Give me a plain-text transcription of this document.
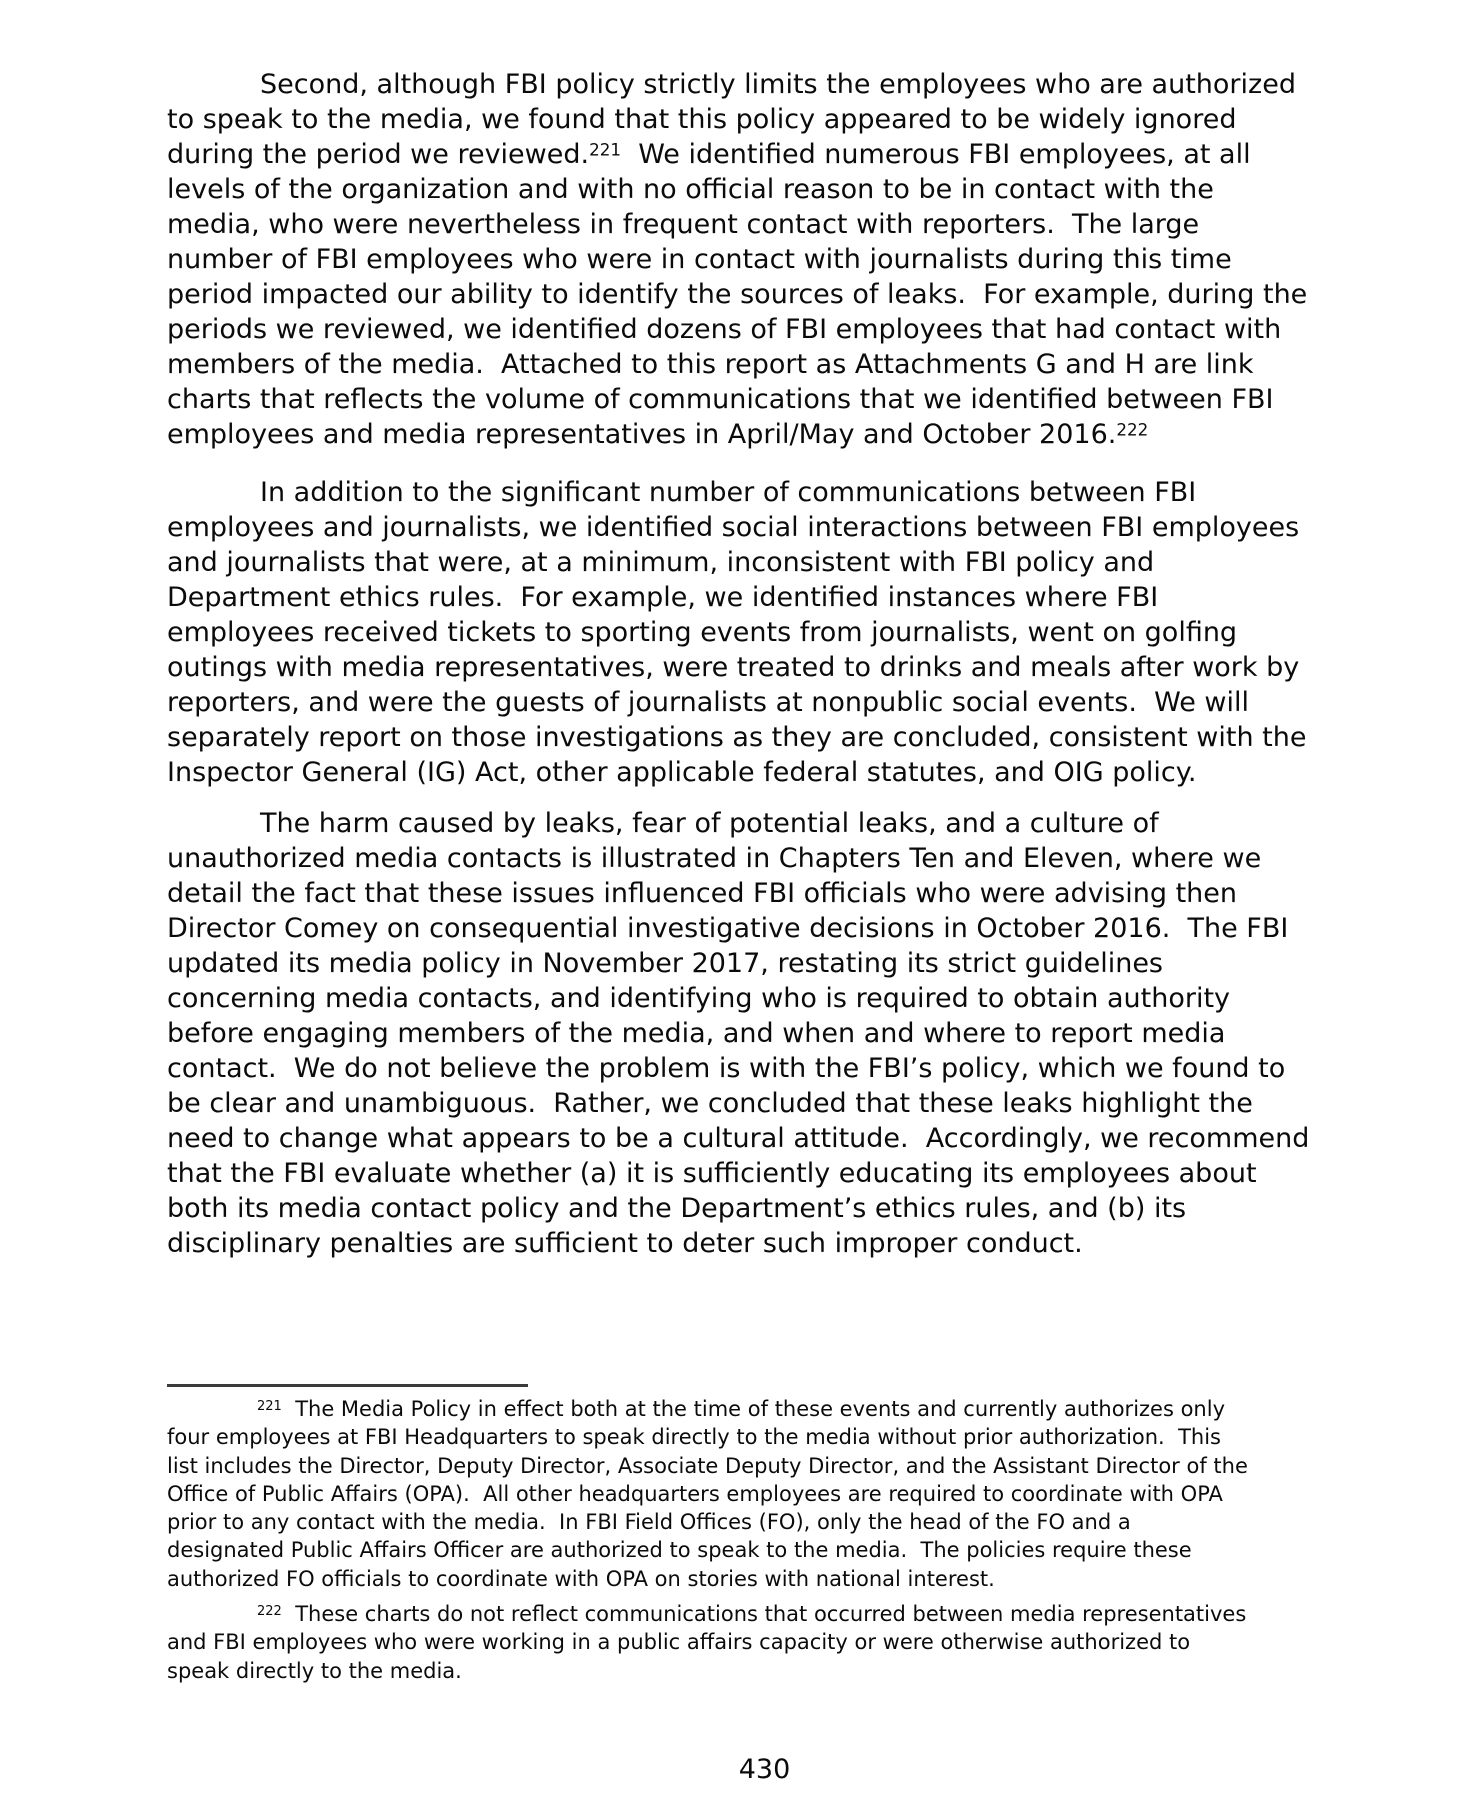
Second, although FBI policy strictly limits the employees who are authorized
to speak to the media, we found that this policy appeared to be widely ignored
during the period we reviewed.$^{221}$  We identified numerous FBI employees, at all
levels of the organization and with no official reason to be in contact with the
media, who were nevertheless in frequent contact with reporters.  The large
number of FBI employees who were in contact with journalists during this time
period impacted our ability to identify the sources of leaks.  For example, during the
periods we reviewed, we identified dozens of FBI employees that had contact with
members of the media.  Attached to this report as Attachments G and H are link
charts that reflects the volume of communications that we identified between FBI
employees and media representatives in April/May and October 2016.$^{222}$
In addition to the significant number of communications between FBI
employees and journalists, we identified social interactions between FBI employees
and journalists that were, at a minimum, inconsistent with FBI policy and
Department ethics rules.  For example, we identified instances where FBI
employees received tickets to sporting events from journalists, went on golfing
outings with media representatives, were treated to drinks and meals after work by
reporters, and were the guests of journalists at nonpublic social events.  We will
separately report on those investigations as they are concluded, consistent with the
Inspector General (IG) Act, other applicable federal statutes, and OIG policy.
The harm caused by leaks, fear of potential leaks, and a culture of
unauthorized media contacts is illustrated in Chapters Ten and Eleven, where we
detail the fact that these issues influenced FBI officials who were advising then
Director Comey on consequential investigative decisions in October 2016.  The FBI
updated its media policy in November 2017, restating its strict guidelines
concerning media contacts, and identifying who is required to obtain authority
before engaging members of the media, and when and where to report media
contact.  We do not believe the problem is with the FBI’s policy, which we found to
be clear and unambiguous.  Rather, we concluded that these leaks highlight the
need to change what appears to be a cultural attitude.  Accordingly, we recommend
that the FBI evaluate whether (a) it is sufficiently educating its employees about
both its media contact policy and the Department’s ethics rules, and (b) its
disciplinary penalties are sufficient to deter such improper conduct.
$^{221}$  The Media Policy in effect both at the time of these events and currently authorizes only
four employees at FBI Headquarters to speak directly to the media without prior authorization.  This
list includes the Director, Deputy Director, Associate Deputy Director, and the Assistant Director of the
Office of Public Affairs (OPA).  All other headquarters employees are required to coordinate with OPA
prior to any contact with the media.  In FBI Field Offices (FO), only the head of the FO and a
designated Public Affairs Officer are authorized to speak to the media.  The policies require these
authorized FO officials to coordinate with OPA on stories with national interest.
$^{222}$  These charts do not reflect communications that occurred between media representatives
and FBI employees who were working in a public affairs capacity or were otherwise authorized to
speak directly to the media.
430
